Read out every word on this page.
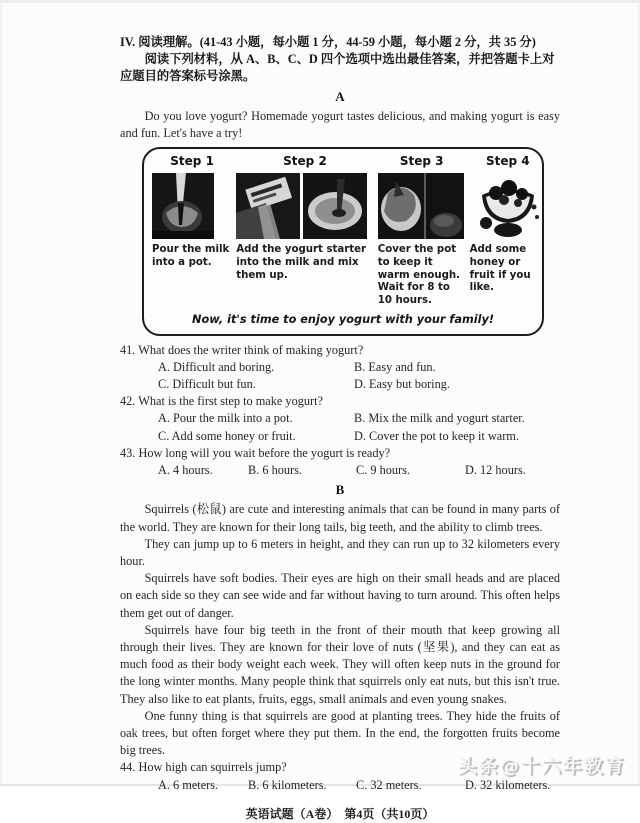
IV. 阅读理解。(41-43 小题，每小题 1 分，44-59 小题，每小题 2 分，共 35 分)
阅读下列材料，从 A、B、C、D 四个选项中选出最佳答案，并把答题卡上对应题目的答案标号涂黑。
A

Do you love yogurt? Homemade yogurt tastes delicious, and making yogurt is easy and fun. Let's have a try!

Step 1
Pour the milk into a pot.
Step 2
Add the yogurt starter into the milk and mix them up.
Step 3
Cover the pot to keep it warm enough. Wait for 8 to 10 hours.
Step 4
Add some honey or fruit if you like.
Now, it's time to enjoy yogurt with your family!

41. What does the writer think of making yogurt?

A. Difficult and boring.	B. Easy and fun.
C. Difficult but fun.	D. Easy but boring.

42. What is the first step to make yogurt?

A. Pour the milk into a pot.	B. Mix the milk and yogurt starter.
C. Add some honey or fruit.	D. Cover the pot to keep it warm.

43. How long will you wait before the yogurt is ready?

A. 4 hours.	B. 6 hours.	C. 9 hours.	D. 12 hours.
B

Squirrels (松鼠) are cute and interesting animals that can be found in many parts of the world. They are known for their long tails, big teeth, and the ability to climb trees.

They can jump up to 6 meters in height, and they can run up to 32 kilometers every hour.

Squirrels have soft bodies. Their eyes are high on their small heads and are placed on each side so they can see wide and far without having to turn around. This often helps them get out of danger.

Squirrels have four big teeth in the front of their mouth that keep growing all through their lives. They are known for their love of nuts (坚果), and they can eat as much food as their body weight each week. They will often keep nuts in the ground for the long winter months. Many people think that squirrels only eat nuts, but this isn't true. They also like to eat plants, fruits, eggs, small animals and even young snakes.

One funny thing is that squirrels are good at planting trees. They hide the fruits of oak trees, but often forget where they put them. In the end, the forgotten fruits become big trees.

44. How high can squirrels jump?

A. 6 meters.	B. 6 kilometers.	C. 32 meters.	D. 32 kilometers.
英语试题（A卷）　第4页（共10页）
头条@十六年教育
